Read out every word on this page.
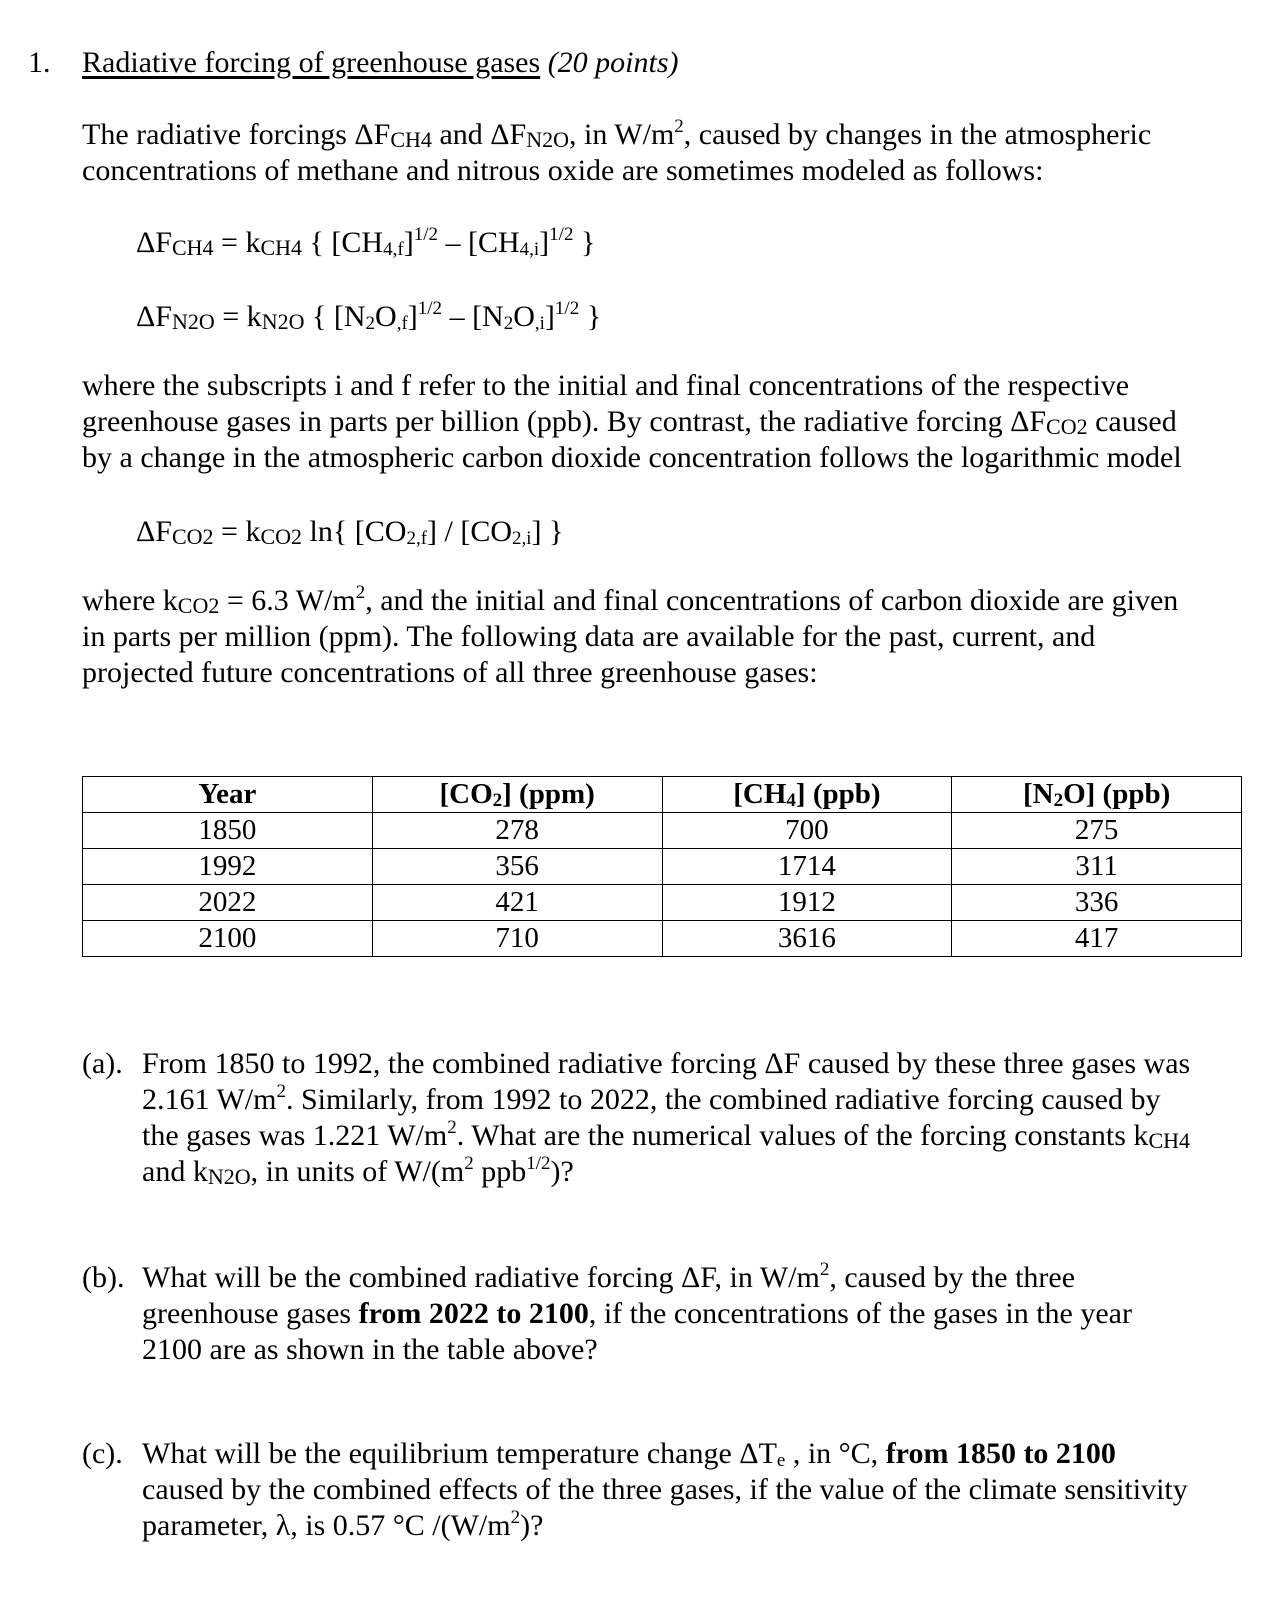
1. Radiative forcing of greenhouse gases (20 points)
The radiative forcings $\Delta F_{CH4}$ and $\Delta F_{N2O}$, in $W/m^2$, caused by changes in the atmospheric
concentrations of methane and nitrous oxide are sometimes modeled as follows:
$\Delta F_{CH4} = k_{CH4}$ { $[CH_{4,f}]^{1/2} - [CH_{4,i}]^{1/2}$ }
$\Delta F_{N2O} = k_{N2O}$ { $[N_2O_{,f}]^{1/2} - [N_2O_{,i}]^{1/2}$ }
where the subscripts i and f refer to the initial and final concentrations of the respective
greenhouse gases in parts per billion (ppb). By contrast, the radiative forcing $\Delta F_{CO2}$ caused
by a change in the atmospheric carbon dioxide concentration follows the logarithmic model
$\Delta F_{CO2} = k_{CO2}$ ln{ $[CO_{2,f}] / [CO_{2,i}]$ }
where $k_{CO2} = 6.3$ $W/m^2$, and the initial and final concentrations of carbon dioxide are given
in parts per million (ppm). The following data are available for the past, current, and
projected future concentrations of all three greenhouse gases:
Year	$[CO_2]$ (ppm)	$[CH_4]$ (ppb)	$[N_2O]$ (ppb)
1850	278	700	275
1992	356	1714	311
2022	421	1912	336
2100	710	3616	417
(a). From 1850 to 1992, the combined radiative forcing ΔF caused by these three gases was
2.161 $W/m^2$. Similarly, from 1992 to 2022, the combined radiative forcing caused by
the gases was 1.221 $W/m^2$. What are the numerical values of the forcing constants $k_{CH4}$
and $k_{N2O}$, in units of $W/(m^2$ ppb$^{1/2}$)?
(b). What will be the combined radiative forcing ΔF, in $W/m^2$, caused by the three
greenhouse gases from 2022 to 2100, if the concentrations of the gases in the year
2100 are as shown in the table above?
(c). What will be the equilibrium temperature change $\Delta T_e$ , in °C, from 1850 to 2100
caused by the combined effects of the three gases, if the value of the climate sensitivity
parameter, λ, is 0.57 °C $/(W/m^2)$?
